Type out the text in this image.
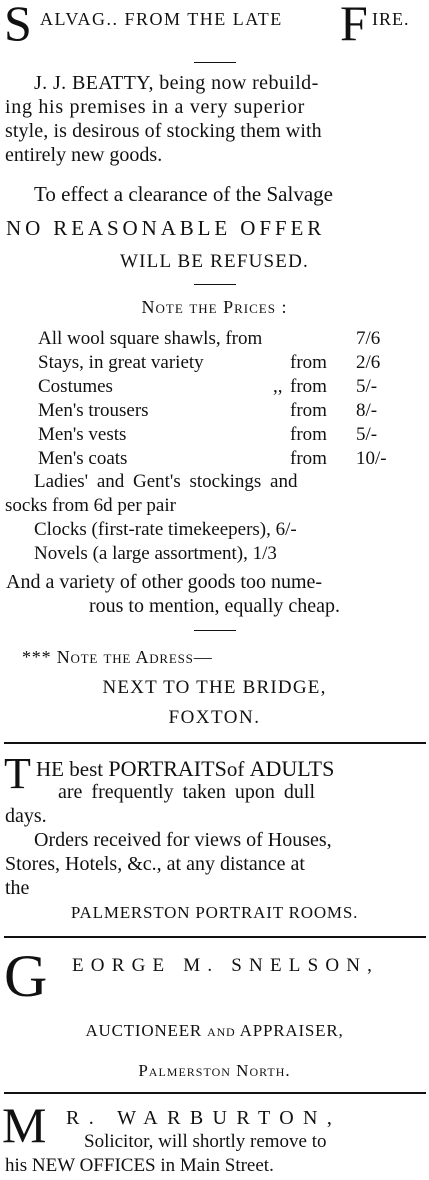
S ALVAG.. FROM THE LATE F IRE.
J. J. BEATTY, being now rebuild-
ing his premises in a very superior
style, is desirous of stocking them with
entirely new goods.
To effect a clearance of the Salvage
NO REASONABLE OFFER
WILL BE REFUSED.
Note the Prices :
All wool square shawls, from	7/6
Stays, in great variety	from 2/6
Costumes	,, from 5/-
Men's trousers	from 8/-
Men's vests	from 5/-
Men's coats	from 10/-
Ladies' and Gent's stockings and
socks from 6d per pair
Clocks (first-rate timekeepers), 6/-
Novels (a large assortment), 1/3
And a variety of other goods too nume-
rous to mention, equally cheap.
*** Note the Adress—
NEXT TO THE BRIDGE,
FOXTON.
T HE best PORTRAITSof ADULTS
are frequently taken upon dull
days.
Orders received for views of Houses,
Stores, Hotels, &c., at any distance at
the
PALMERSTON PORTRAIT ROOMS.
G EORGE M. SNELSON,
AUCTIONEER and APPRAISER,
Palmerston North.
M R. WARBURTON,
Solicitor, will shortly remove to
his NEW OFFICES in Main Street.
